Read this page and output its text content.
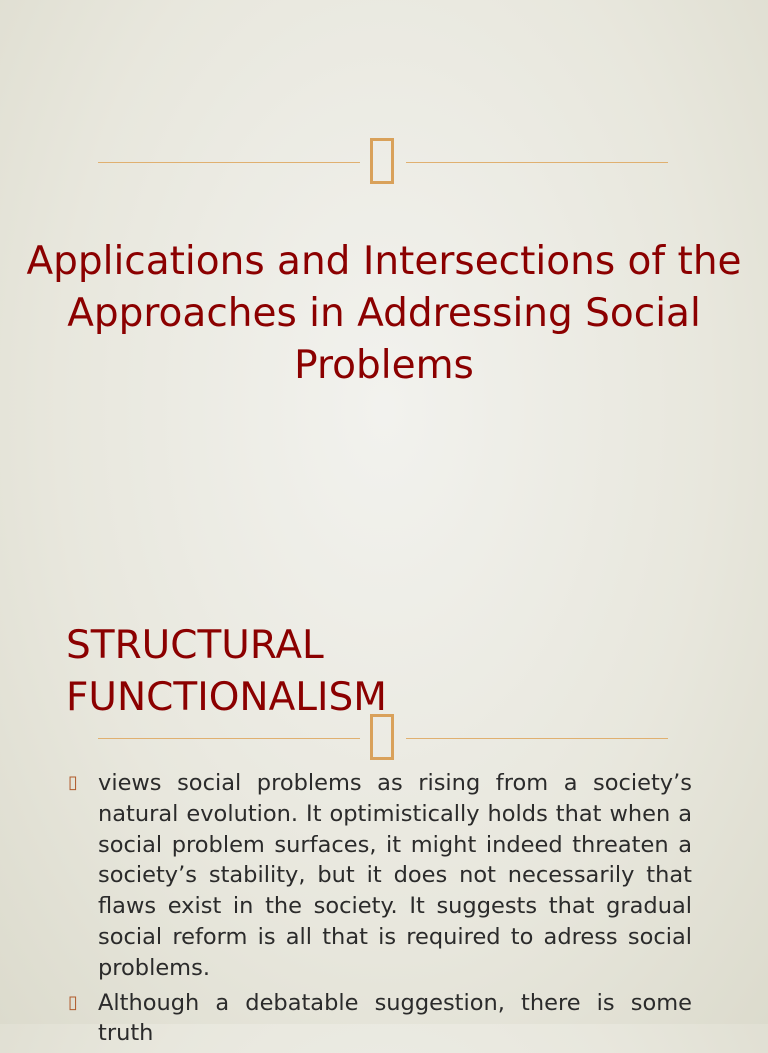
Applications and Intersections of the Approaches in Addressing Social Problems
STRUCTURAL
FUNCTIONALISM
▯ views social problems as rising from a society’s natural evolution. It optimistically holds that when a social problem surfaces, it might indeed threaten a society’s stability, but it does not necessarily that flaws exist in the society. It suggests that gradual social reform is all that is required to adress social problems.
▯ Although a debatable suggestion, there is some truth
